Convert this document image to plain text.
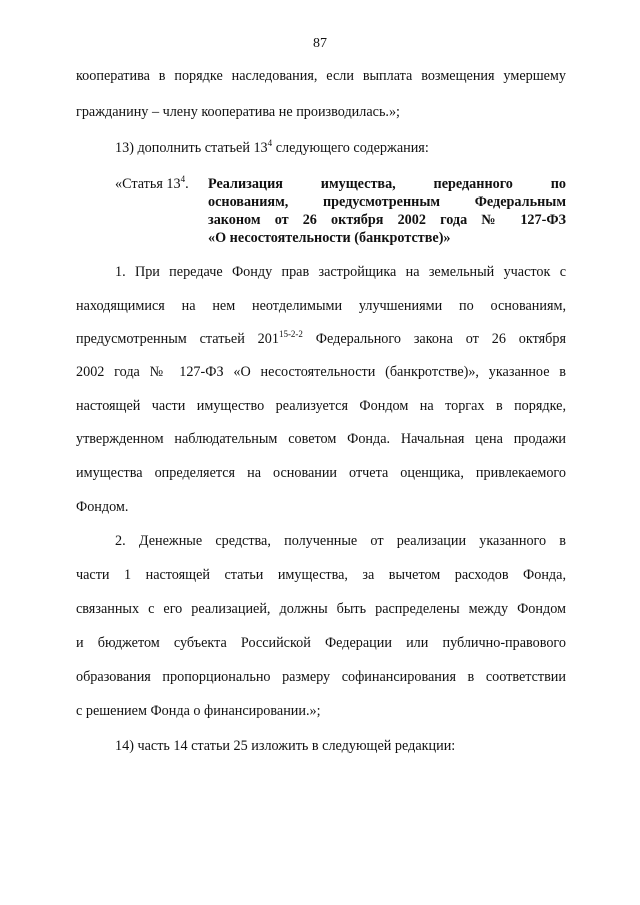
87
кооператива в порядке наследования, если выплата возмещения умершему
гражданину – члену кооператива не производилась.»;
13) дополнить статьей $13^4$ следующего содержания:
«Статья $13^4$. Реализация имущества, переданного по
основаниям, предусмотренным Федеральным
законом от 26 октября 2002 года № 127-ФЗ
«О несостоятельности (банкротстве)»
1. При передаче Фонду прав застройщика на земельный участок с
находящимися на нем неотделимыми улучшениями по основаниям,
предусмотренным статьей 201$^{15-2-2}$ Федерального закона от 26 октября
2002 года № 127-ФЗ «О несостоятельности (банкротстве)», указанное в
настоящей части имущество реализуется Фондом на торгах в порядке,
утвержденном наблюдательным советом Фонда. Начальная цена продажи
имущества определяется на основании отчета оценщика, привлекаемого
Фондом.
2. Денежные средства, полученные от реализации указанного в
части 1 настоящей статьи имущества, за вычетом расходов Фонда,
связанных с его реализацией, должны быть распределены между Фондом
и бюджетом субъекта Российской Федерации или публично-правового
образования пропорционально размеру софинансирования в соответствии
с решением Фонда о финансировании.»;
14) часть 14 статьи 25 изложить в следующей редакции:
